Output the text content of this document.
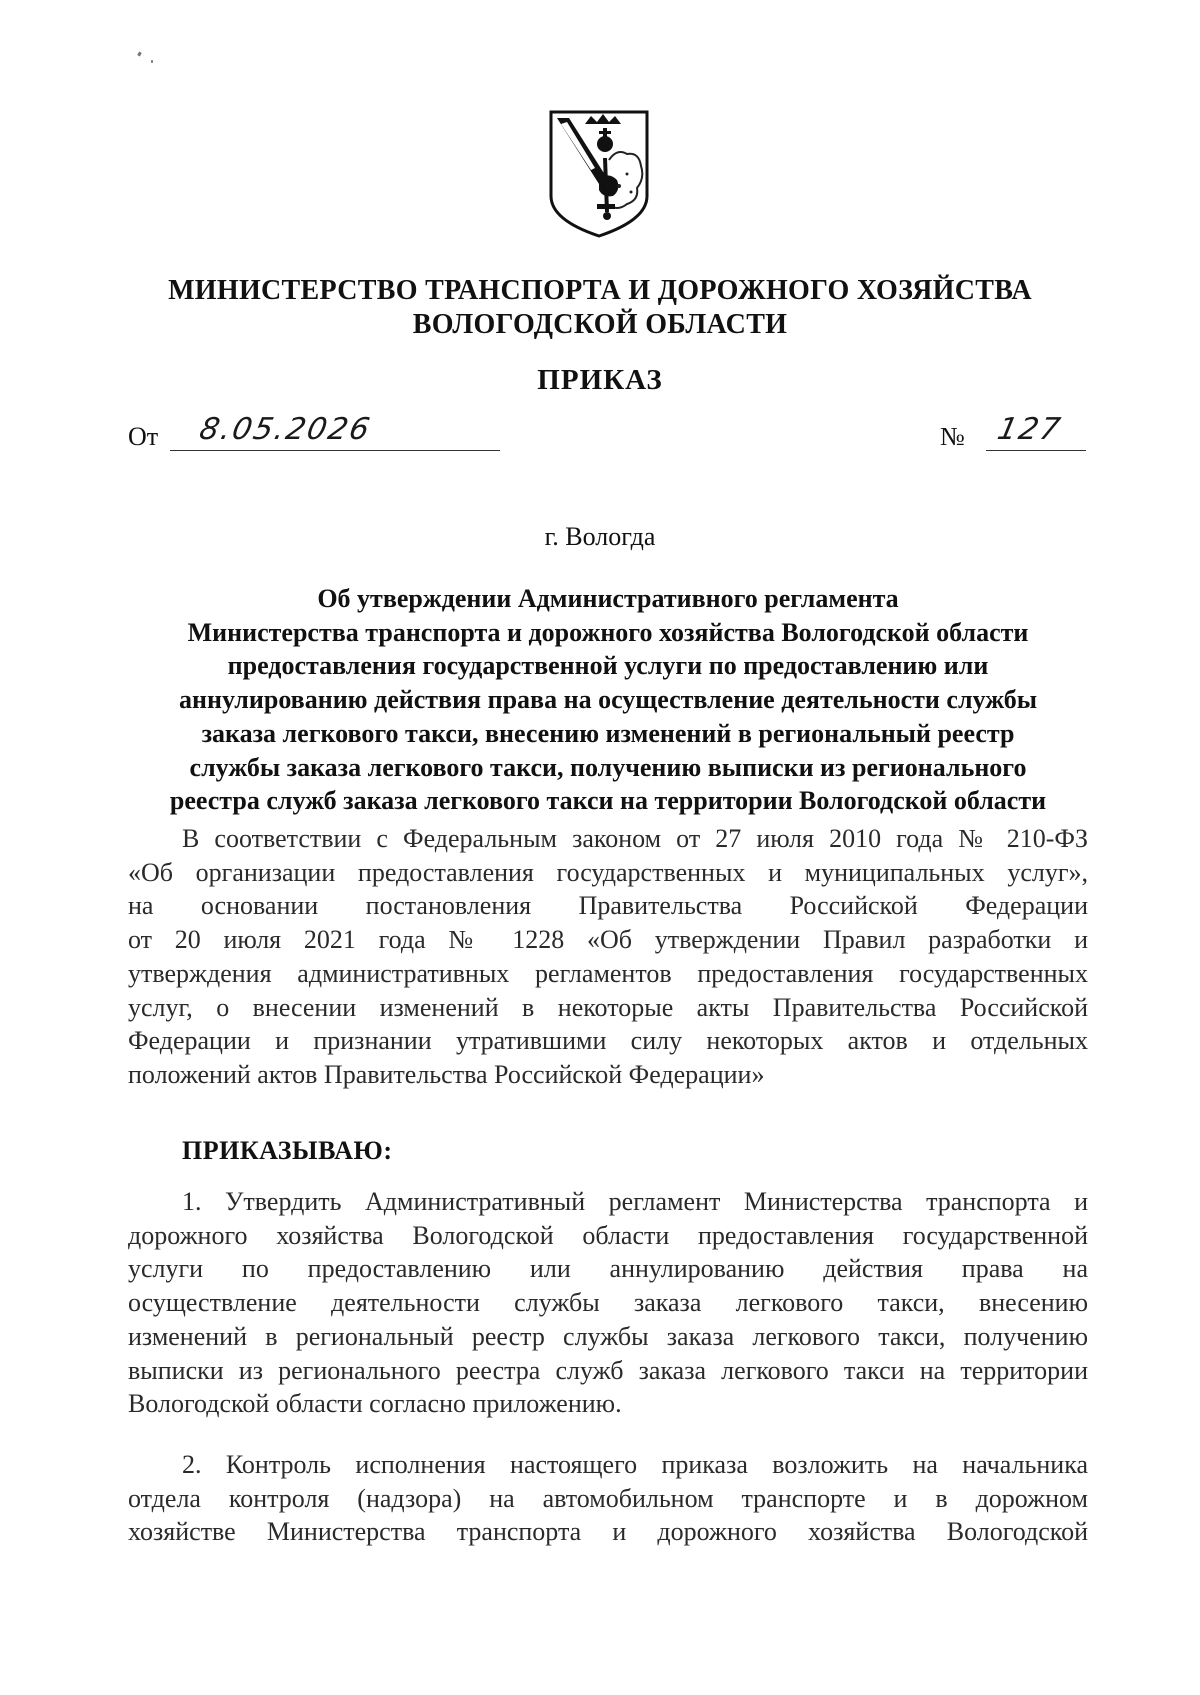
МИНИСТЕРСТВО ТРАНСПОРТА И ДОРОЖНОГО ХОЗЯЙСТВА
ВОЛОГОДСКОЙ ОБЛАСТИ
ПРИКАЗ
От 8.05.2026	№ 127
г. Вологда
Об утверждении Административного регламента
Министерства транспорта и дорожного хозяйства Вологодской области
предоставления государственной услуги по предоставлению или
аннулированию действия права на осуществление деятельности службы
заказа легкового такси, внесению изменений в региональный реестр
службы заказа легкового такси, получению выписки из регионального
реестра служб заказа легкового такси на территории Вологодской области
В соответствии с Федеральным законом от 27 июля 2010 года № 210-ФЗ
«Об организации предоставления государственных и муниципальных услуг»,
на основании постановления Правительства Российской Федерации
от 20 июля 2021 года № 1228 «Об утверждении Правил разработки и
утверждения административных регламентов предоставления государственных
услуг, о внесении изменений в некоторые акты Правительства Российской
Федерации и признании утратившими силу некоторых актов и отдельных
положений актов Правительства Российской Федерации»
ПРИКАЗЫВАЮ:
1. Утвердить Административный регламент Министерства транспорта и
дорожного хозяйства Вологодской области предоставления государственной
услуги по предоставлению или аннулированию действия права на
осуществление деятельности службы заказа легкового такси, внесению
изменений в региональный реестр службы заказа легкового такси, получению
выписки из регионального реестра служб заказа легкового такси на территории
Вологодской области согласно приложению.
2. Контроль исполнения настоящего приказа возложить на начальника
отдела контроля (надзора) на автомобильном транспорте и в дорожном
хозяйстве Министерства транспорта и дорожного хозяйства Вологодской
